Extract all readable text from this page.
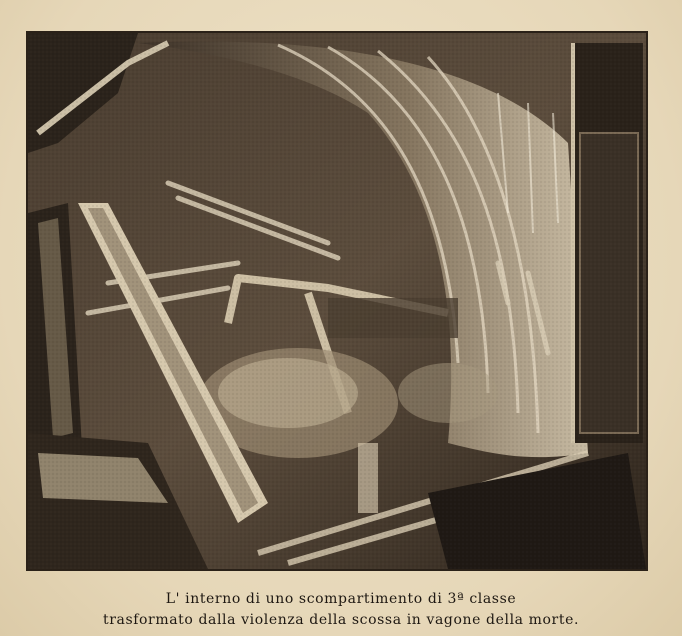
L' interno di uno scompartimento di 3ª classe
trasformato dalla violenza della scossa in vagone della morte.
